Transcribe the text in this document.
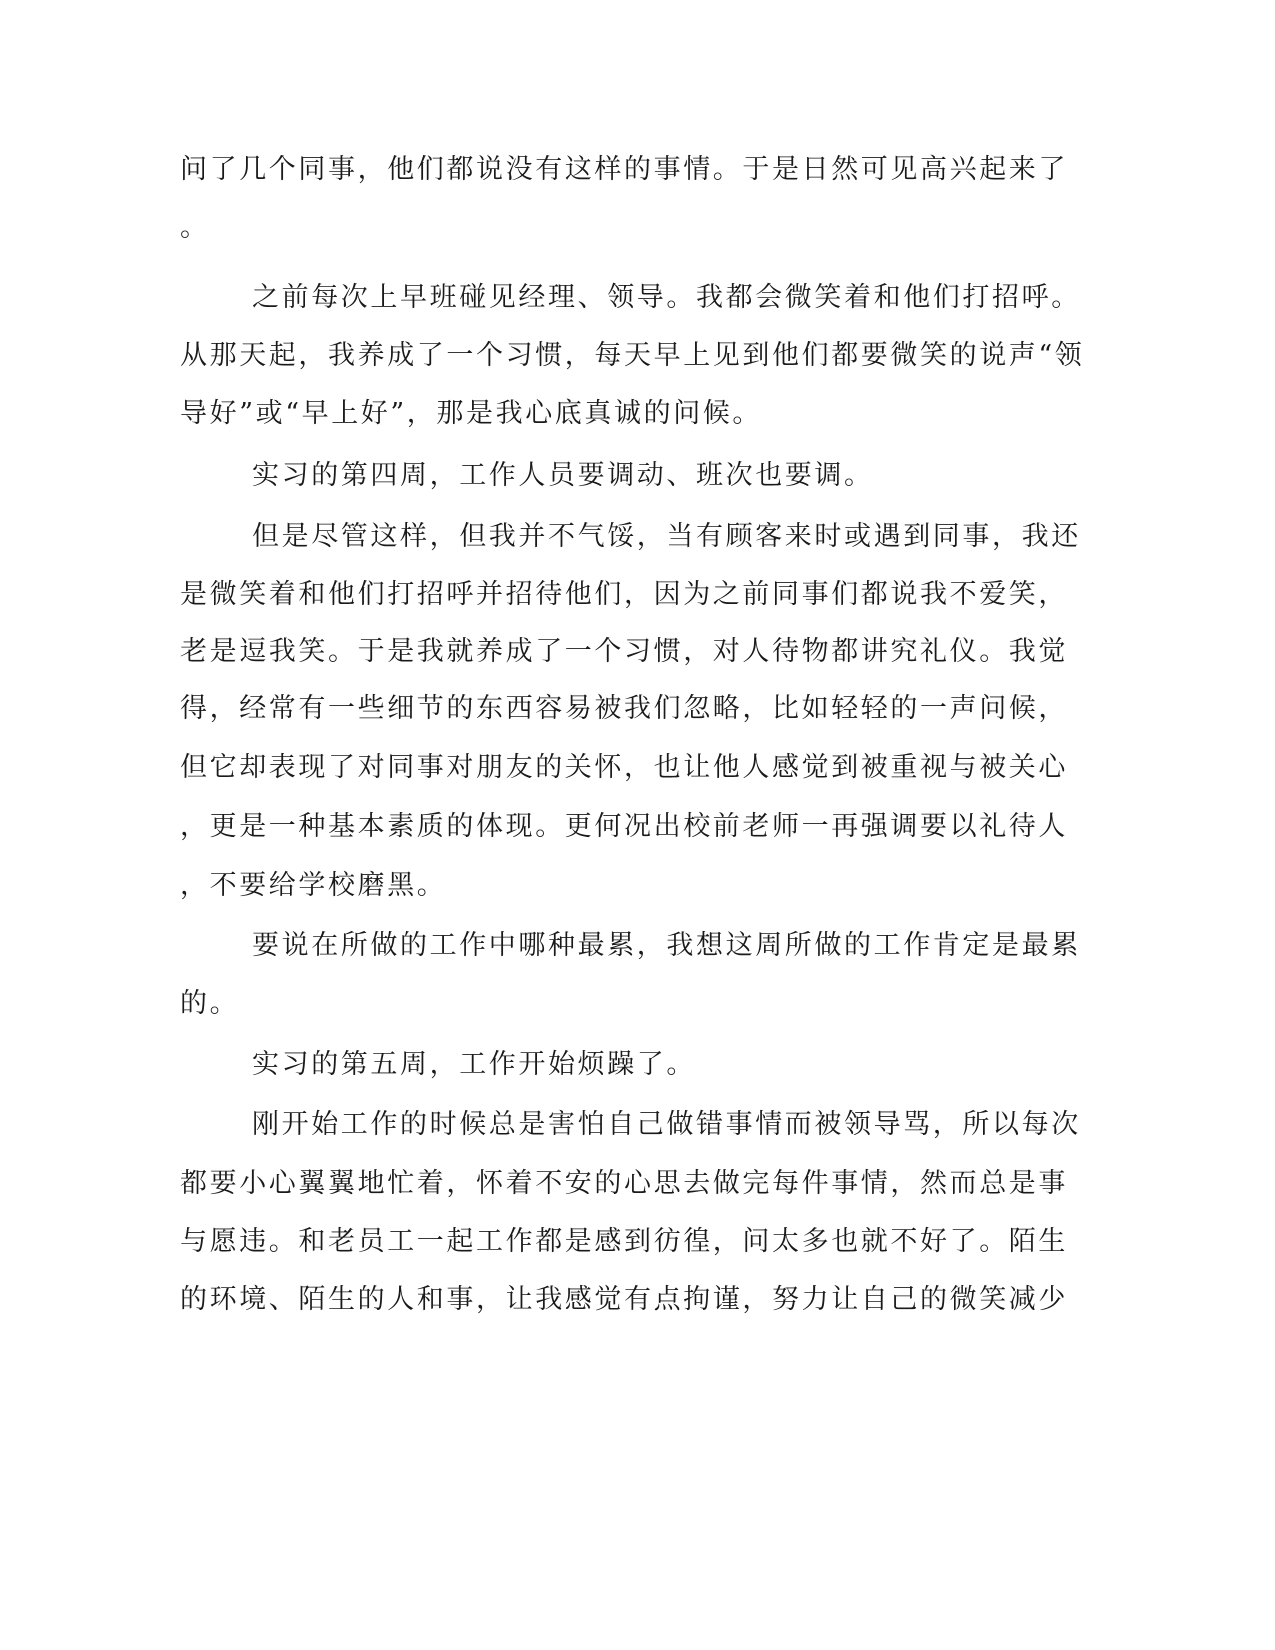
问了几个同事，他们都说没有这样的事情。于是日然可见高兴起来了
。
之前每次上早班碰见经理、领导。我都会微笑着和他们打招呼。
从那天起，我养成了一个习惯，每天早上见到他们都要微笑的说声“领
导好”或“早上好”，那是我心底真诚的问候。
实习的第四周，工作人员要调动、班次也要调。
但是尽管这样，但我并不气馁，当有顾客来时或遇到同事，我还
是微笑着和他们打招呼并招待他们，因为之前同事们都说我不爱笑，
老是逗我笑。于是我就养成了一个习惯，对人待物都讲究礼仪。我觉
得，经常有一些细节的东西容易被我们忽略，比如轻轻的一声问候，
但它却表现了对同事对朋友的关怀，也让他人感觉到被重视与被关心
，更是一种基本素质的体现。更何况出校前老师一再强调要以礼待人
，不要给学校磨黑。
要说在所做的工作中哪种最累，我想这周所做的工作肯定是最累
的。
实习的第五周，工作开始烦躁了。
刚开始工作的时候总是害怕自己做错事情而被领导骂，所以每次
都要小心翼翼地忙着，怀着不安的心思去做完每件事情，然而总是事
与愿违。和老员工一起工作都是感到彷徨，问太多也就不好了。陌生
的环境、陌生的人和事，让我感觉有点拘谨，努力让自己的微笑减少
